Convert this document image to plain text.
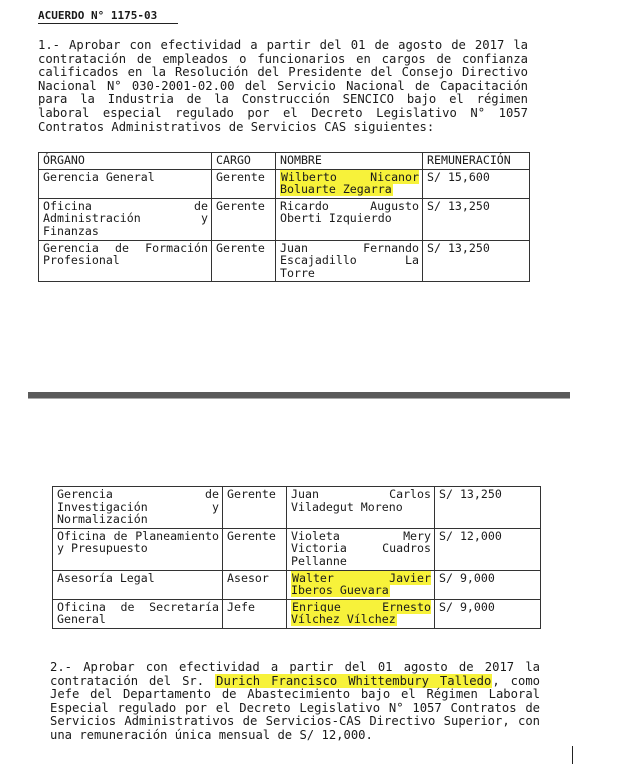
ACUERDO N° 1175-03

1.- Aprobar con efectividad a partir del 01 de agosto de 2017 la contratación de empleados o funcionarios en cargos de confianza calificados en la Resolución del Presidente del Consejo Directivo Nacional N° 030-2001-02.00 del Servicio Nacional de Capacitación para la Industria de la Construcción SENCICO bajo el régimen laboral especial regulado por el Decreto Legislativo N° 1057 Contratos Administrativos de Servicios CAS siguientes:

ÓRGANO	CARGO	NOMBRE	REMUNERACIÓN
Gerencia General	Gerente	Wilberto Nicanor Boluarte Zegarra	S/ 15,600
Oficina de Administración y Finanzas	Gerente	Ricardo Augusto Oberti Izquierdo	S/ 13,250
Gerencia de Formación Profesional	Gerente	Juan Fernando Escajadillo La Torre	S/ 13,250
Gerencia de Investigación y Normalización	Gerente	Juan Carlos Viladegut Moreno	S/ 13,250
Oficina de Planeamiento y Presupuesto	Gerente	Violeta Mery Victoria Cuadros Pellanne	S/ 12,000
Asesoría Legal	Asesor	Walter Javier Iberos Guevara	S/ 9,000
Oficina de Secretaría General	Jefe	Enrique Ernesto Vílchez Vílchez	S/ 9,000

2.- Aprobar con efectividad a partir del 01 agosto de 2017 la contratación del Sr. Durich Francisco Whittembury Talledo, como Jefe del Departamento de Abastecimiento bajo el Régimen Laboral Especial regulado por el Decreto Legislativo N° 1057 Contratos de Servicios Administrativos de Servicios-CAS Directivo Superior, con una remuneración única mensual de S/ 12,000.
